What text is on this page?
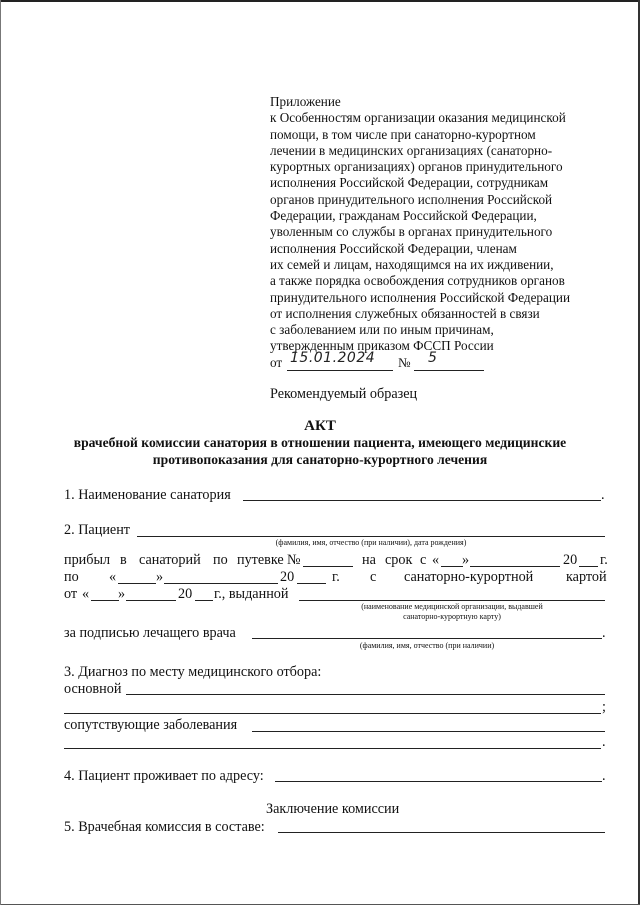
Приложение
к Особенностям организации оказания медицинской
помощи, в том числе при санаторно-курортном
лечении в медицинских организациях (санаторно-
курортных организациях) органов принудительного
исполнения Российской Федерации, сотрудникам
органов принудительного исполнения Российской
Федерации, гражданам Российской Федерации,
уволенным со службы в органах принудительного
исполнения Российской Федерации, членам
их семей и лицам, находящимся на их иждивении,
а также порядка освобождения сотрудников органов
принудительного исполнения Российской Федерации
от исполнения служебных обязанностей в связи
с заболеванием или по иным причинам,
утвержденным приказом ФССП России
от 15.01.2024 № 5
Рекомендуемый образец
АКТ
врачебной комиссии санатория в отношении пациента, имеющего медицинские
противопоказания для санаторно-курортного лечения
1. Наименование санатория	.
2. Пациент
(фамилия, имя, отчество (при наличии), дата рождения)
прибыл в санаторий по путевке №	на срок с « »	20 г.
по «	»	20	г. с санаторно-курортной картой
от « »	20 г., выданной
(наименование медицинской организации, выдавшей
санаторно-курортную карту)
за подписью лечащего врача	.
(фамилия, имя, отчество (при наличии)
3. Диагноз по месту медицинского отбора:
основной
;
сопутствующие заболевания
.
4. Пациент проживает по адресу:	.
Заключение комиссии
5. Врачебная комиссия в составе:
